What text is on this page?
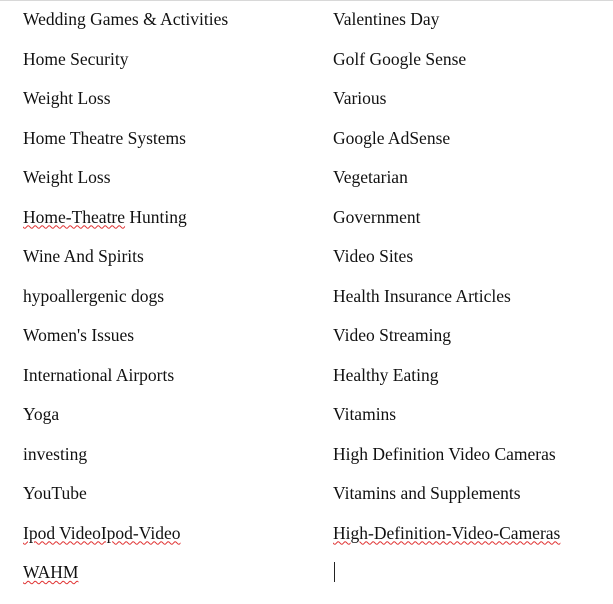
Wedding Games & Activities
Home Security
Weight Loss
Home Theatre Systems
Weight Loss
Home-Theatre Hunting
Wine And Spirits
hypoallergenic dogs
Women's Issues
International Airports
Yoga
investing
YouTube
Ipod VideoIpod-Video
WAHM
Valentines Day
Golf Google Sense
Various
Google AdSense
Vegetarian
Government
Video Sites
Health Insurance Articles
Video Streaming
Healthy Eating
Vitamins
High Definition Video Cameras
Vitamins and Supplements
High-Definition-Video-Cameras
